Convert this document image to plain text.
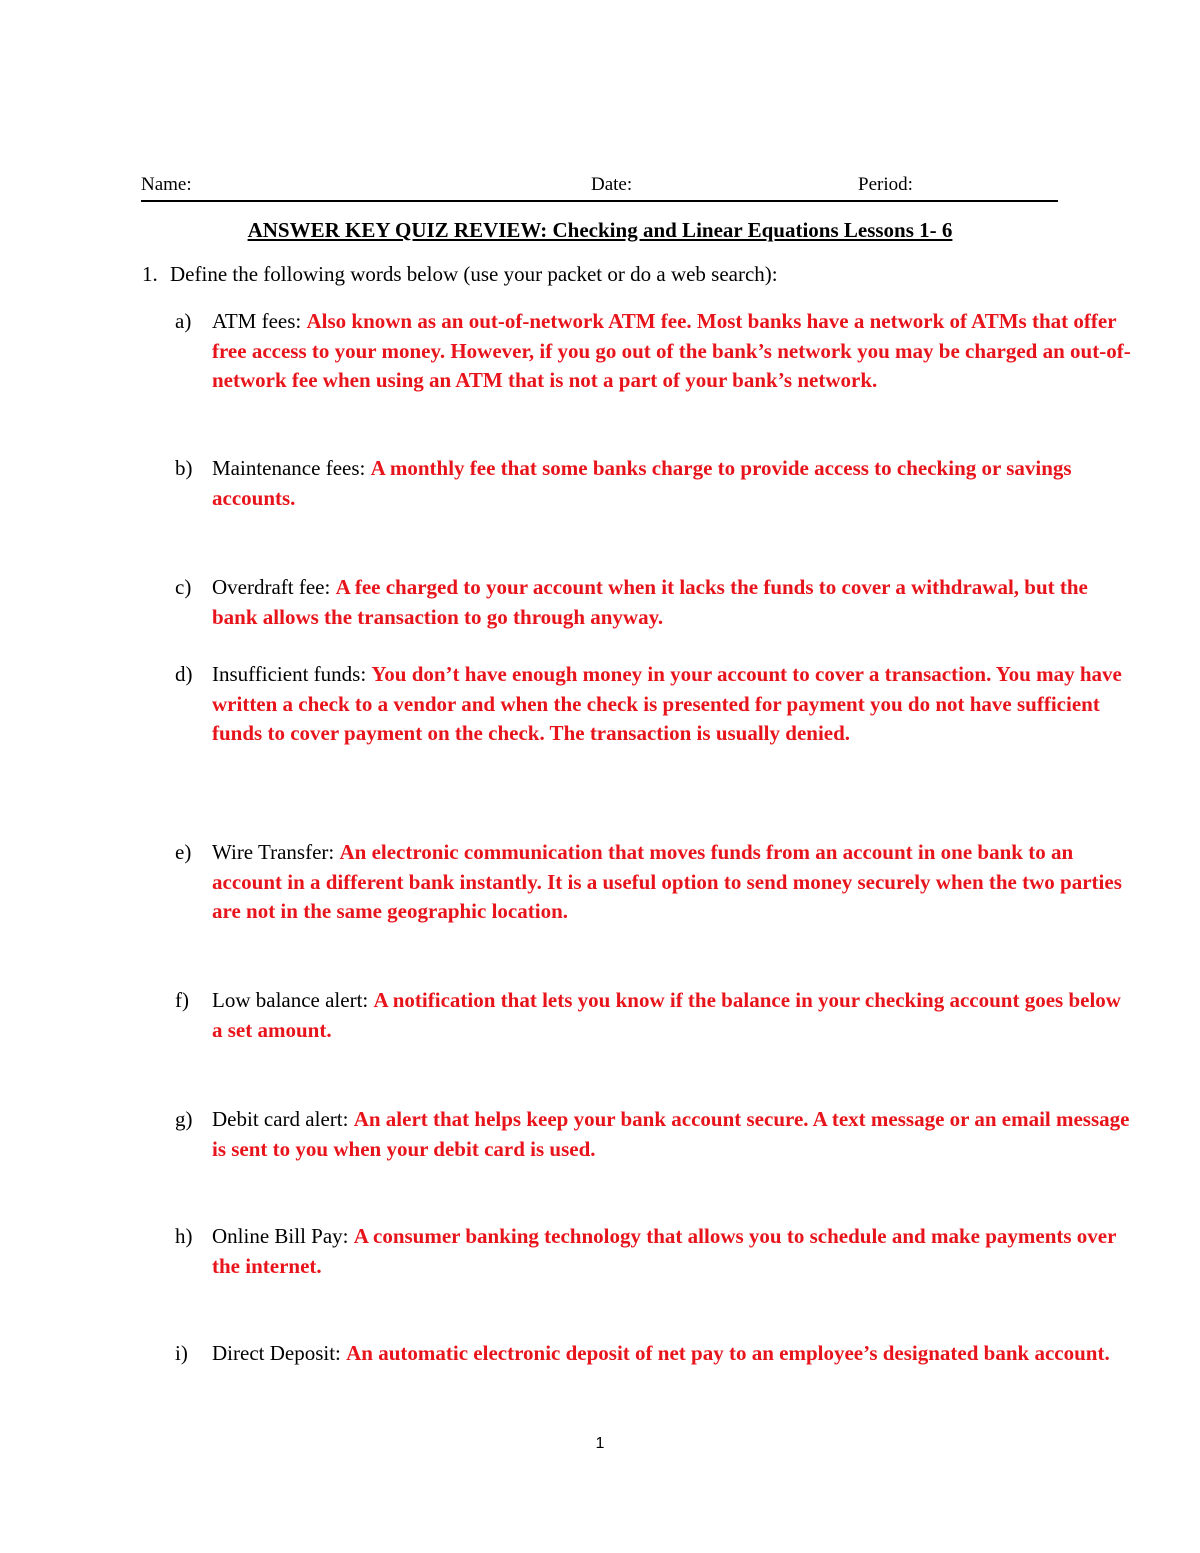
Name:	Date:	Period:
ANSWER KEY QUIZ REVIEW: Checking and Linear Equations Lessons 1- 6
1. Define the following words below (use your packet or do a web search):
a) ATM fees: Also known as an out-of-network ATM fee. Most banks have a network of ATMs that offer free access to your money. However, if you go out of the bank’s network you may be charged an out-of-network fee when using an ATM that is not a part of your bank’s network.
b) Maintenance fees: A monthly fee that some banks charge to provide access to checking or savings accounts.
c) Overdraft fee: A fee charged to your account when it lacks the funds to cover a withdrawal, but the bank allows the transaction to go through anyway.
d) Insufficient funds: You don’t have enough money in your account to cover a transaction. You may have written a check to a vendor and when the check is presented for payment you do not have sufficient funds to cover payment on the check. The transaction is usually denied.
e) Wire Transfer: An electronic communication that moves funds from an account in one bank to an account in a different bank instantly. It is a useful option to send money securely when the two parties are not in the same geographic location.
f) Low balance alert: A notification that lets you know if the balance in your checking account goes below a set amount.
g) Debit card alert: An alert that helps keep your bank account secure. A text message or an email message is sent to you when your debit card is used.
h) Online Bill Pay: A consumer banking technology that allows you to schedule and make payments over the internet.
i) Direct Deposit: An automatic electronic deposit of net pay to an employee’s designated bank account.
1
